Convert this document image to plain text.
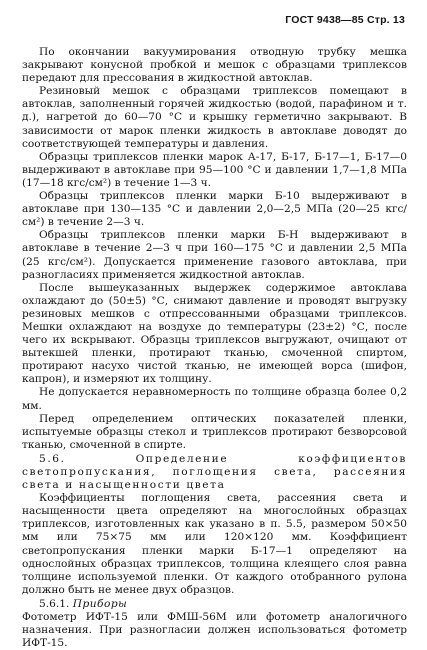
ГОСТ 9438—85 Стр. 13

По окончании вакуумирования отводную трубку мешка закрывают конусной пробкой и мешок с образцами триплексов передают для прессования в жидкостной автоклав.

Резиновый мешок с образцами триплексов помещают в автоклав, заполненный горячей жидкостью (водой, парафином и т. д.), нагретой до 60—70 °С и крышку герметично закрывают. В зависимости от марок пленки жидкость в автоклаве доводят до соответствующей температуры и давления.

Образцы триплексов пленки марок А-17, Б-17, Б-17—1, Б-17—0 выдерживают в автоклаве при 95—100 °С и давлении 1,7—1,8 МПа (17—18 кгс/см²) в течение 1—3 ч.

Образцы триплексов пленки марки Б-10 выдерживают в автоклаве при 130—135 °С и давлении 2,0—2,5 МПа (20—25 кгс/см²) в течение 2—3 ч.

Образцы триплексов пленки марки Б-Н выдерживают в автоклаве в течение 2—3 ч при 160—175 °С и давлении 2,5 МПа (25 кгс/см²). Допускается применение газового автоклава, при разногласиях применяется жидкостной автоклав.

После вышеуказанных выдержек содержимое автоклава охлаждают до (50±5) °С, снимают давление и проводят выгрузку резиновых мешков с отпрессованными образцами триплексов. Мешки охлаждают на воздухе до температуры (23±2) °С, после чего их вскрывают. Образцы триплексов выгружают, очищают от вытекшей пленки, протирают тканью, смоченной спиртом, протирают насухо чистой тканью, не имеющей ворса (шифон, капрон), и измеряют их толщину.

Не допускается неравномерность по толщине образца более 0,2 мм.

Перед определением оптических показателей пленки, испытуемые образцы стекол и триплексов протирают безворсовой тканью, смоченной в спирте.

5.6.	Определение коэффициентов светопропускания, поглощения света, рассеяния света и насыщенности цвета

Коэффициенты поглощения света, рассеяния света и насыщенности цвета определяют на многослойных образцах триплексов, изготовленных как указано в п. 5.5, размером 50×50 мм или 75×75 мм или 120×120 мм. Коэффициент светопропускания пленки марки Б-17—1 определяют на однослойных образцах триплексов, толщина клеящего слоя равна толщине используемой пленки. От каждого отобранного рулона должно быть не менее двух образцов.

5.6.1. Приборы

Фотометр ИФТ-15 или ФМШ-56М или фотометр аналогичного назначения. При разногласии должен использоваться фотометр ИФТ-15.
